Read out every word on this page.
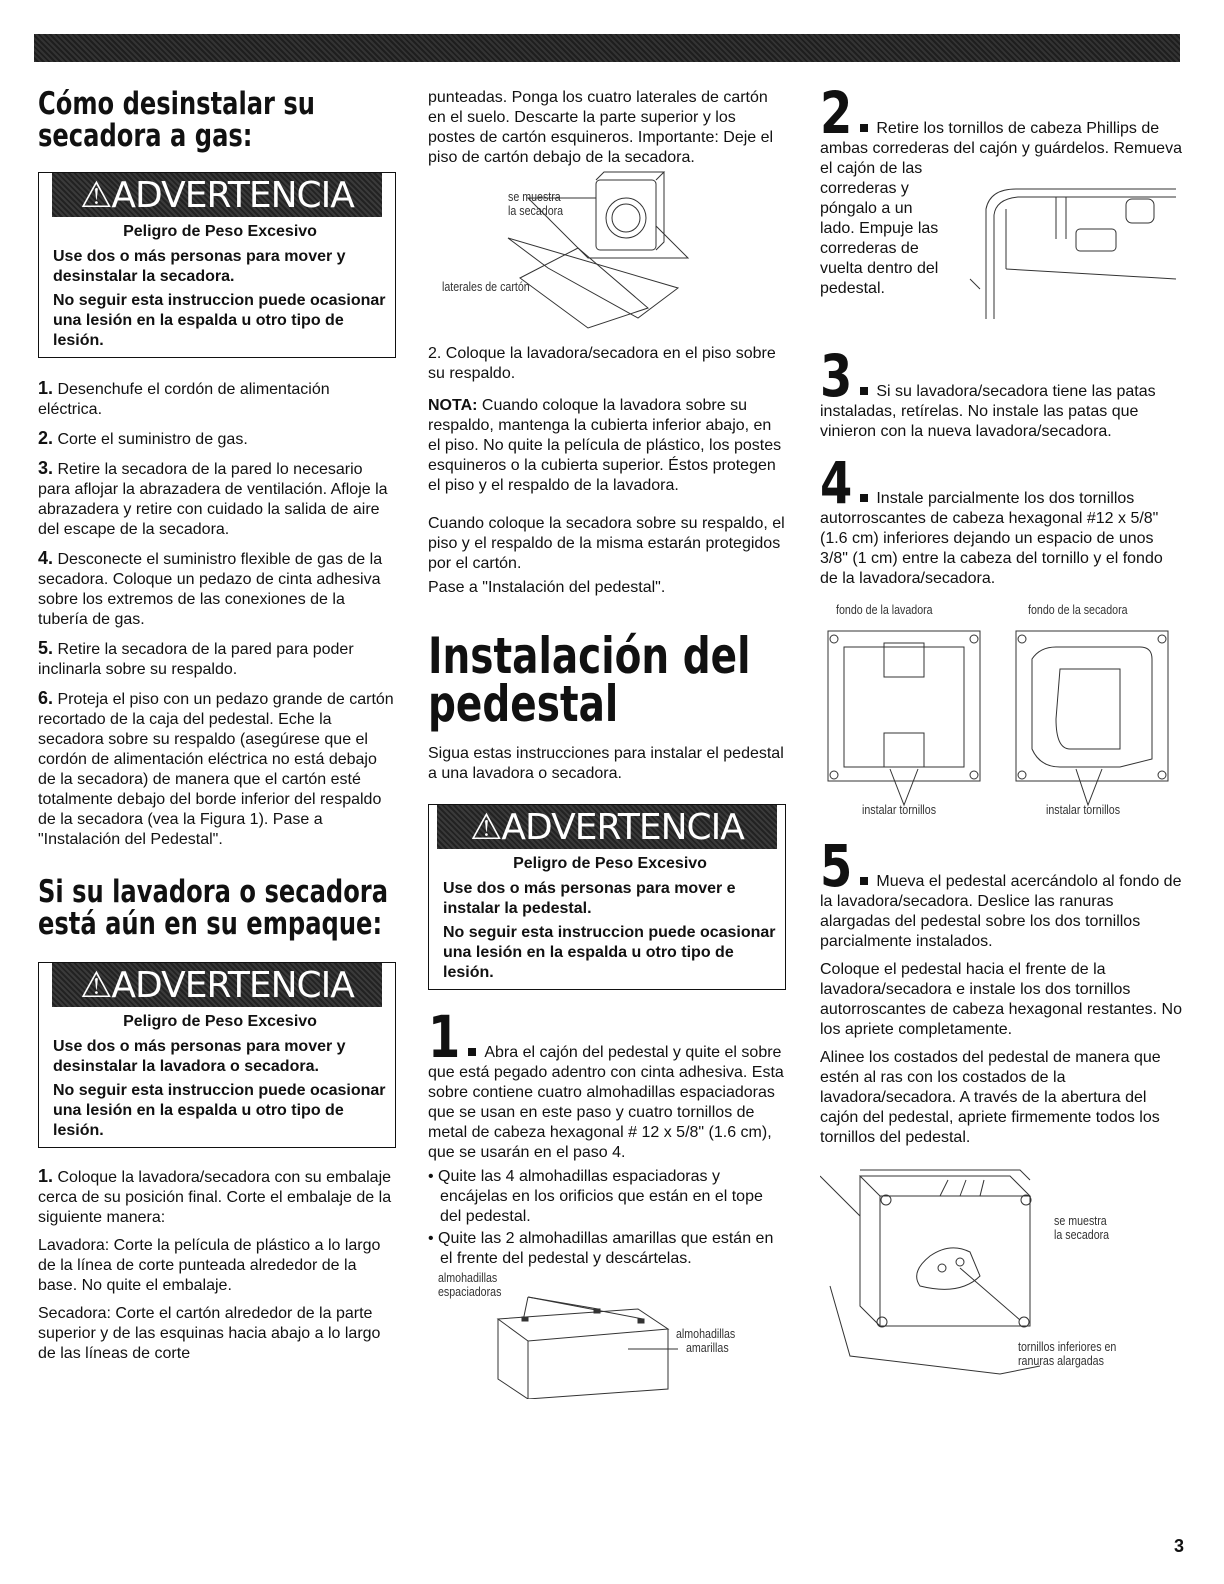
Cómo desinstalar su
secadora a gas:
⚠ADVERTENCIA
Peligro de Peso Excesivo
Use dos o más personas para mover y desinstalar la secadora.
No seguir esta instruccion puede ocasionar una lesión en la espalda u otro tipo de lesión.

1. Desenchufe el cordón de alimentación eléctrica.

2. Corte el suministro de gas.

3. Retire la secadora de la pared lo necesario para aflojar la abrazadera de ventilación. Afloje la abrazadera y retire con cuidado la salida de aire del escape de la secadora.

4. Desconecte el suministro flexible de gas de la secadora. Coloque un pedazo de cinta adhesiva sobre los extremos de las conexiones de la tubería de gas.

5. Retire la secadora de la pared para poder inclinarla sobre su respaldo.

6. Proteja el piso con un pedazo grande de cartón recortado de la caja del pedestal. Eche la secadora sobre su respaldo (asegúrese que el cordón de alimentación eléctrica no está debajo de la secadora) de manera que el cartón esté totalmente debajo del borde inferior del respaldo de la secadora (vea la Figura 1). Pase a "Instalación del Pedestal".

Si su lavadora o secadora
está aún en su empaque:
⚠ADVERTENCIA
Peligro de Peso Excesivo
Use dos o más personas para mover y desinstalar la lavadora o secadora.
No seguir esta instruccion puede ocasionar una lesión en la espalda u otro tipo de lesión.

1. Coloque la lavadora/secadora con su embalaje cerca de su posición final. Corte el embalaje de la siguiente manera:

Lavadora: Corte la película de plástico a lo largo de la línea de corte punteada alrededor de la base. No quite el embalaje.

Secadora: Corte el cartón alrededor de la parte superior y de las esquinas hacia abajo a lo largo de las líneas de corte

punteadas. Ponga los cuatro laterales de cartón en el suelo. Descarte la parte superior y los postes de cartón esquineros. Importante: Deje el piso de cartón debajo de la secadora.

se muestra
la secadora
laterales de cartón

2. Coloque la lavadora/secadora en el piso sobre su respaldo.

NOTA: Cuando coloque la lavadora sobre su respaldo, mantenga la cubierta inferior abajo, en el piso. No quite la película de plástico, los postes esquineros o la cubierta superior. Éstos protegen el piso y el respaldo de la lavadora.

Cuando coloque la secadora sobre su respaldo, el piso y el respaldo de la misma estarán protegidos por el cartón.

Pase a "Instalación del pedestal".

Instalación del
pedestal

Sigua estas instrucciones para instalar el pedestal a una lavadora o secadora.

⚠ADVERTENCIA
Peligro de Peso Excesivo
Use dos o más personas para mover e instalar la pedestal.
No seguir esta instruccion puede ocasionar una lesión en la espalda u otro tipo de lesión.

1 Abra el cajón del pedestal y quite el sobre que está pegado adentro con cinta adhesiva. Esta sobre contiene cuatro almohadillas espaciadoras que se usan en este paso y cuatro tornillos de metal de cabeza hexagonal # 12 x 5/8" (1.6 cm), que se usarán en el paso 4.

• Quite las 4 almohadillas espaciadoras y encájelas en los orificios que están en el tope del pedestal.

• Quite las 2 almohadillas amarillas que están en el frente del pedestal y descártelas.

almohadillas
espaciadoras
almohadillas
amarillas

2 Retire los tornillos de cabeza Phillips de ambas correderas del cajón y guárdelos. Remueva el cajón de las

correderas y póngalo a un lado. Empuje las correderas de vuelta dentro del pedestal.

3 Si su lavadora/secadora tiene las patas instaladas, retírelas. No instale las patas que vinieron con la nueva lavadora/secadora.

4 Instale parcialmente los dos tornillos autorroscantes de cabeza hexagonal #12 x 5/8" (1.6 cm) inferiores dejando un espacio de unos 3/8" (1 cm) entre la cabeza del tornillo y el fondo de la lavadora/secadora.

fondo de la lavadora	fondo de la secadora
instalar tornillos	instalar tornillos

5 Mueva el pedestal acercándolo al fondo de la lavadora/secadora. Deslice las ranuras alargadas del pedestal sobre los dos tornillos parcialmente instalados.

Coloque el pedestal hacia el frente de la lavadora/secadora e instale los dos tornillos autorroscantes de cabeza hexagonal restantes. No los apriete completamente.

Alinee los costados del pedestal de manera que estén al ras con los costados de la lavadora/secadora. A través de la abertura del cajón del pedestal, apriete firmemente todos los tornillos del pedestal.

se muestra
la secadora
tornillos inferiores en
ranuras alargadas
3
